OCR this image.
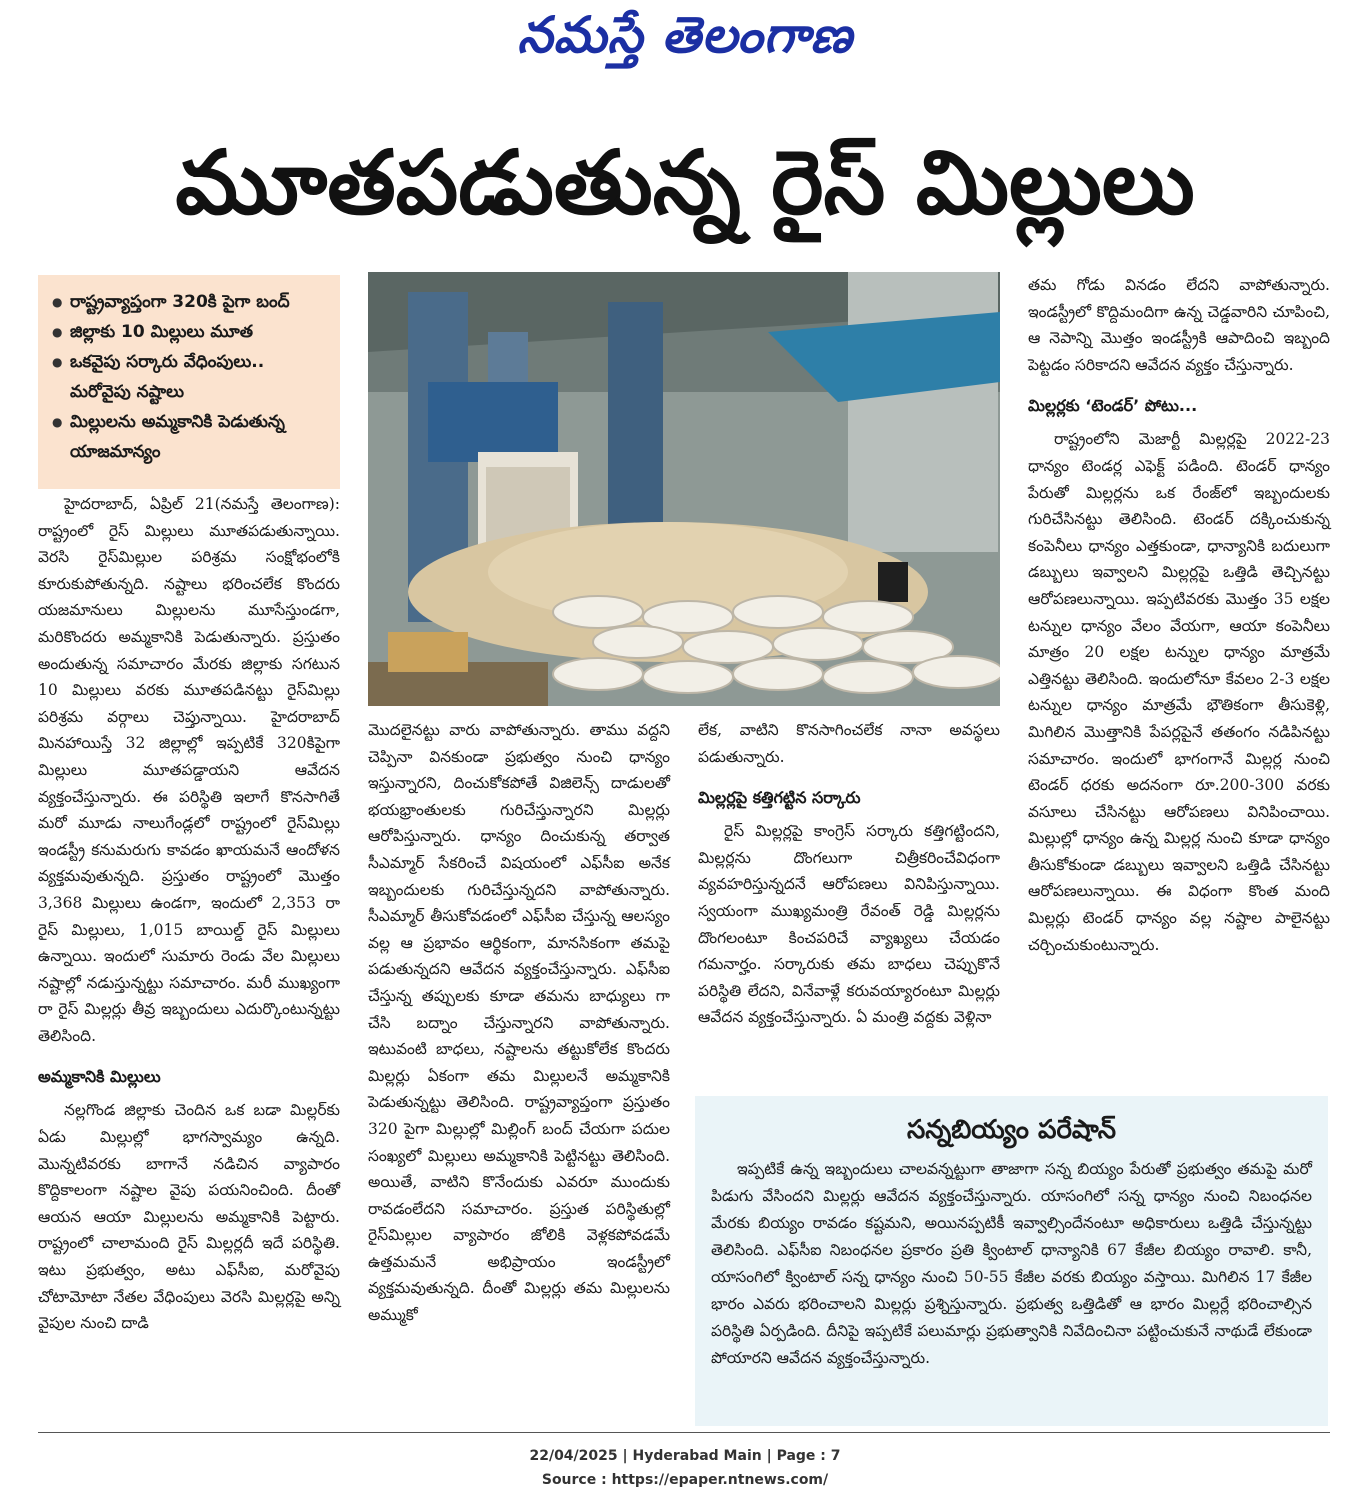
నమస్తే తెలంగాణ
మూతపడుతున్న రైస్ మిల్లులు
● రాష్ట్రవ్యాప్తంగా 320కి పైగా బంద్
● జిల్లాకు 10 మిల్లులు మూత
● ఒకవైపు సర్కారు వేధింపులు.. మరోవైపు నష్టాలు
● మిల్లులను అమ్మకానికి పెడుతున్న యాజమాన్యం

హైదరాబాద్, ఏప్రిల్ 21(నమస్తే తెలంగాణ): రాష్ట్రంలో రైస్ మిల్లులు మూతపడుతున్నాయి. వెరసి రైస్‌మిల్లుల పరిశ్రమ సంక్షోభంలోకి కూరుకుపోతున్నది. నష్టాలు భరించలేక కొందరు యజమానులు మిల్లులను మూసేస్తుండగా, మరికొందరు అమ్మకానికి పెడుతున్నారు. ప్రస్తుతం అందుతున్న సమాచారం మేరకు జిల్లాకు సగటున 10 మిల్లులు వరకు మూతపడినట్టు రైస్‌మిల్లు పరిశ్రమ వర్గాలు చెప్తున్నాయి. హైదరాబాద్ మినహాయిస్తే 32 జిల్లాల్లో ఇప్పటికే 320కిపైగా మిల్లులు మూతపడ్డాయని ఆవేదన వ్యక్తంచేస్తున్నారు. ఈ పరిస్థితి ఇలాగే కొనసాగితే మరో మూడు నాలుగేండ్లలో రాష్ట్రంలో రైస్‌మిల్లు ఇండస్ట్రీ కనుమరుగు కావడం ఖాయమనే ఆందోళన వ్యక్తమవుతున్నది. ప్రస్తుతం రాష్ట్రంలో మొత్తం 3,368 మిల్లులు ఉండగా, ఇందులో 2,353 రా రైస్ మిల్లులు, 1,015 బాయిల్డ్ రైస్ మిల్లులు ఉన్నాయి. ఇందులో సుమారు రెండు వేల మిల్లులు నష్టాల్లో నడుస్తున్నట్టు సమాచారం. మరీ ముఖ్యంగా రా రైస్ మిల్లర్లు తీవ్ర ఇబ్బందులు ఎదుర్కొంటున్నట్టు తెలిసింది.

అమ్మకానికి మిల్లులు

నల్లగొండ జిల్లాకు చెందిన ఒక బడా మిల్లర్‌కు ఏడు మిల్లుల్లో భాగస్వామ్యం ఉన్నది. మొన్నటివరకు బాగానే నడిచిన వ్యాపారం కొద్దికాలంగా నష్టాల వైపు పయనించింది. దీంతో ఆయన ఆయా మిల్లులను అమ్మకానికి పెట్టారు. రాష్ట్రంలో చాలామంది రైస్ మిల్లర్లదీ ఇదే పరిస్థితి. ఇటు ప్రభుత్వం, అటు ఎఫ్‌సీఐ, మరోవైపు చోటామోటా నేతల వేధింపులు వెరసి మిల్లర్లపై అన్ని వైపుల నుంచి దాడి

మొదలైనట్టు వారు వాపోతున్నారు. తాము వద్దని చెప్పినా వినకుండా ప్రభుత్వం నుంచి ధాన్యం ఇస్తున్నారని, దించుకోకపోతే విజిలెన్స్ దాడులతో భయభ్రాంతులకు గురిచేస్తున్నారని మిల్లర్లు ఆరోపిస్తున్నారు. ధాన్యం దించుకున్న తర్వాత సీఎమ్మార్ సేకరించే విషయంలో ఎఫ్‌సీఐ అనేక ఇబ్బందులకు గురిచేస్తున్నదని వాపోతున్నారు. సీఎమ్మార్ తీసుకోవడంలో ఎఫ్‌సీఐ చేస్తున్న ఆలస్యం వల్ల ఆ ప్రభావం ఆర్థికంగా, మానసికంగా తమపై పడుతున్నదని ఆవేదన వ్యక్తంచేస్తున్నారు. ఎఫ్‌సీఐ చేస్తున్న తప్పులకు కూడా తమను బాధ్యులు గా చేసి బద్నాం చేస్తున్నారని వాపోతున్నారు. ఇటువంటి బాధలు, నష్టాలను తట్టుకోలేక కొందరు మిల్లర్లు ఏకంగా తమ మిల్లులనే అమ్మకానికి పెడుతున్నట్టు తెలిసింది. రాష్ట్రవ్యాప్తంగా ప్రస్తుతం 320 పైగా మిల్లుల్లో మిల్లింగ్ బంద్ చేయగా పదుల సంఖ్యలో మిల్లులు అమ్మకానికి పెట్టినట్టు తెలిసింది. అయితే, వాటిని కొనేందుకు ఎవరూ ముందుకు రావడంలేదని సమాచారం. ప్రస్తుత పరిస్థితుల్లో రైస్‌మిల్లుల వ్యాపారం జోలికి వెళ్లకపోవడమే ఉత్తమమనే అభిప్రాయం ఇండస్ట్రీలో వ్యక్తమవుతున్నది. దీంతో మిల్లర్లు తమ మిల్లులను అమ్ముకో

లేక, వాటిని కొనసాగించలేక నానా అవస్థలు పడుతున్నారు.

మిల్లర్లపై కత్తిగట్టిన సర్కారు

రైస్ మిల్లర్లపై కాంగ్రెస్ సర్కారు కత్తిగట్టిందని, మిల్లర్లను దొంగలుగా చిత్రీకరించేవిధంగా వ్యవహరిస్తున్నదనే ఆరోపణలు వినిపిస్తున్నాయి. స్వయంగా ముఖ్యమంత్రి రేవంత్ రెడ్డి మిల్లర్లను దొంగలంటూ కించపరిచే వ్యాఖ్యలు చేయడం గమనార్హం. సర్కారుకు తమ బాధలు చెప్పుకొనే పరిస్థితి లేదని, వినేవాళ్లే కరువయ్యారంటూ మిల్లర్లు ఆవేదన వ్యక్తంచేస్తున్నారు. ఏ మంత్రి వద్దకు వెళ్లినా

తమ గోడు వినడం లేదని వాపోతున్నారు. ఇండస్ట్రీలో కొద్దిమందిగా ఉన్న చెడ్డవారిని చూపించి, ఆ నెపాన్ని మొత్తం ఇండస్ట్రీకి ఆపాదించి ఇబ్బంది పెట్టడం సరికాదని ఆవేదన వ్యక్తం చేస్తున్నారు.

మిల్లర్లకు ‘టెండర్’ పోటు...

రాష్ట్రంలోని మెజార్టీ మిల్లర్లపై 2022-23 ధాన్యం టెండర్ల ఎఫెక్ట్ పడింది. టెండర్ ధాన్యం పేరుతో మిల్లర్లను ఒక రేంజ్‌లో ఇబ్బందులకు గురిచేసినట్టు తెలిసింది. టెండర్ దక్కించుకున్న కంపెనీలు ధాన్యం ఎత్తకుండా, ధాన్యానికి బదులుగా డబ్బులు ఇవ్వాలని మిల్లర్లపై ఒత్తిడి తెచ్చినట్టు ఆరోపణలున్నాయి. ఇప్పటివరకు మొత్తం 35 లక్షల టన్నుల ధాన్యం వేలం వేయగా, ఆయా కంపెనీలు మాత్రం 20 లక్షల టన్నుల ధాన్యం మాత్రమే ఎత్తినట్టు తెలిసింది. ఇందులోనూ కేవలం 2-3 లక్షల టన్నుల ధాన్యం మాత్రమే భౌతికంగా తీసుకెళ్లి, మిగిలిన మొత్తానికి పేపర్లపైనే తతంగం నడిపినట్టు సమాచారం. ఇందులో భాగంగానే మిల్లర్ల నుంచి టెండర్ ధరకు అదనంగా రూ.200-300 వరకు వసూలు చేసినట్టు ఆరోపణలు వినిపించాయి. మిల్లుల్లో ధాన్యం ఉన్న మిల్లర్ల నుంచి కూడా ధాన్యం తీసుకోకుండా డబ్బులు ఇవ్వాలని ఒత్తిడి చేసినట్టు ఆరోపణలున్నాయి. ఈ విధంగా కొంత మంది మిల్లర్లు టెండర్ ధాన్యం వల్ల నష్టాల పాలైనట్టు చర్చించుకుంటున్నారు.

సన్నబియ్యం పరేషాన్

ఇప్పటికే ఉన్న ఇబ్బందులు చాలవన్నట్టుగా తాజాగా సన్న బియ్యం పేరుతో ప్రభుత్వం తమపై మరో పిడుగు వేసిందని మిల్లర్లు ఆవేదన వ్యక్తంచేస్తున్నారు. యాసంగిలో సన్న ధాన్యం నుంచి నిబంధనల మేరకు బియ్యం రావడం కష్టమని, అయినప్పటికీ ఇవ్వాల్సిందేనంటూ అధికారులు ఒత్తిడి చేస్తున్నట్టు తెలిసింది. ఎఫ్‌సీఐ నిబంధనల ప్రకారం ప్రతి క్వింటాల్ ధాన్యానికి 67 కేజీల బియ్యం రావాలి. కానీ, యాసంగిలో క్వింటాల్ సన్న ధాన్యం నుంచి 50-55 కేజీల వరకు బియ్యం వస్తాయి. మిగిలిన 17 కేజీల భారం ఎవరు భరించాలని మిల్లర్లు ప్రశ్నిస్తున్నారు. ప్రభుత్వ ఒత్తిడితో ఆ భారం మిల్లర్లే భరించాల్సిన పరిస్థితి ఏర్పడింది. దీనిపై ఇప్పటికే పలుమార్లు ప్రభుత్వానికి నివేదించినా పట్టించుకునే నాథుడే లేకుండా పోయారని ఆవేదన వ్యక్తంచేస్తున్నారు.

22/04/2025 | Hyderabad Main | Page : 7
Source : https://epaper.ntnews.com/
